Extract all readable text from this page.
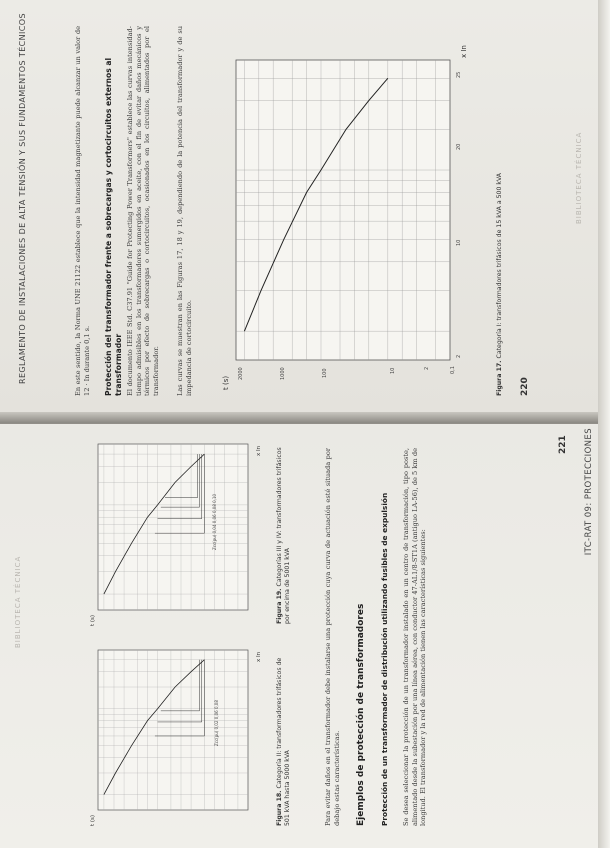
REGLAMENTO DE INSTALACIONES DE ALTA TENSIÓN Y SUS FUNDAMENTOS TÉCNICOS	En este sentido, la Norma UNE 21122 establece que la intensidad magnetizante puede alcanzar un valor de 12 · In durante 0,1 s. Protección del transformador frente a sobrecargas y cortocircuitos externos al transformador El documento IEEE Std. C37.91 "Guide for Protecting Power Transformers" establece las curvas intensidad-tiempo admisibles en los transformadores sumergidos en aceite, con el fin de evitar daños mecánicos y térmicos por efecto de sobrecargas o cortocircuitos, ocasionados en los circuitos, alimentados por el transformador. Las curvas se muestran en las Figuras 17, 18 y 19, dependiendo de la potencia del transformador y de su impedancia de cortocircuito.	t (s)
x In
2000	1000	100	10	2	0,1
2
10
20
25
Figura 17. Categoría I: transformadores trifásicos de 15 kVA a 500 kVA
220
BIBLIOTECA TÉCNICA
BIBLIOTECA TÉCNICA
t (s)
x In
Zcc(pu) 0,02 0,06 0,08
t (s)
x In
Zcc(pu) 0,04 0,06 0,08 0,10
Figura 18. Categoría II: transformadores trifásicos de 501 kVA hasta 5000 kVA
Figura 19. Categorías III y IV: transformadores trifásicos por encima de 5001 kVA	Para evitar daños en el transformador debe instalarse una protección cuya curva de actuación esté situada por debajo estas características. Ejemplos de protección de transformadores Protección de un transformador de distribución utilizando fusibles de expulsión Se desea seleccionar la protección de un transformador instalado en un centro de transformación, tipo poste, alimentado desde la subestación por una línea aérea, con conductor 47-AL1/8-ST1A (antiguo LA-56), de 5 km de longitud. El transformador y la red de alimentación tienen las características siguientes:
ITC-RAT 09: PROTECCIONES
221
